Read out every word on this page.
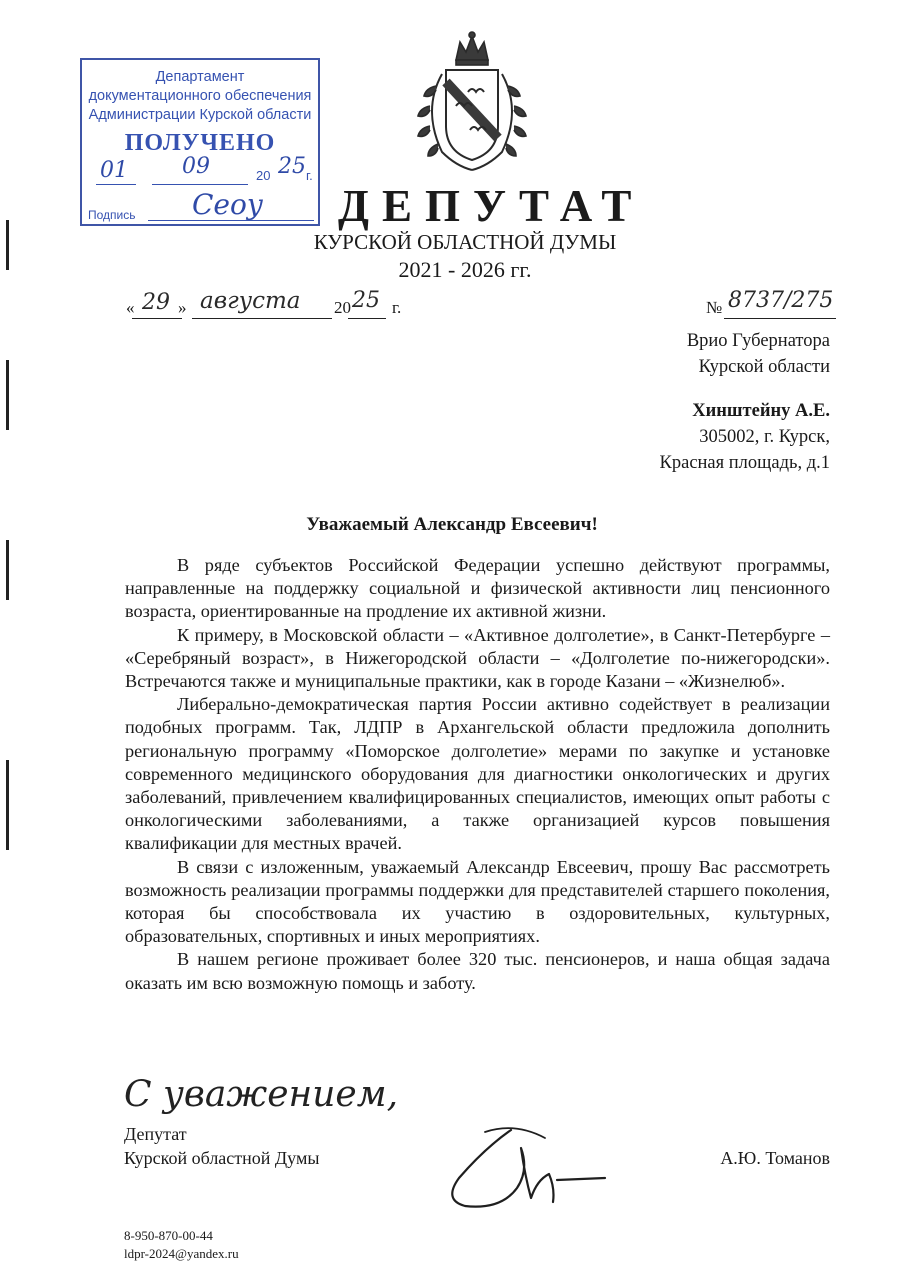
Департамент
документационного обеспечения
Администрации Курской области
ПОЛУЧЕНО
01 09	20 25 г.
Подпись Сеоу ДЕПУТАТ
КУРСКОЙ ОБЛАСТНОЙ ДУМЫ
2021 - 2026 гг.
« 29 » августа 20 25 г.	№ 8737/275
Врио Губернатора
Курской области
Хинштейну А.Е.
305002, г. Курск,
Красная площадь, д.1
Уважаемый Александр Евсеевич!

В ряде субъектов Российской Федерации успешно действуют программы, направленные на поддержку социальной и физической активности лиц пенсионного возраста, ориентированные на продление их активной жизни.

К примеру, в Московской области – «Активное долголетие», в Санкт-Петербурге – «Серебряный возраст», в Нижегородской области – «Долголетие по-нижегородски». Встречаются также и муниципальные практики, как в городе Казани – «Жизнелюб».

Либерально-демократическая партия России активно содействует в реализации подобных программ. Так, ЛДПР в Архангельской области предложила дополнить региональную программу «Поморское долголетие» мерами по закупке и установке современного медицинского оборудования для диагностики онкологических и других заболеваний, привлечением квалифицированных специалистов, имеющих опыт работы с онкологическими заболеваниями, а также организацией курсов повышения квалификации для местных врачей.

В связи с изложенным, уважаемый Александр Евсеевич, прошу Вас рассмотреть возможность реализации программы поддержки для представителей старшего поколения, которая бы способствовала их участию в оздоровительных, культурных, образовательных, спортивных и иных мероприятиях.

В нашем регионе проживает более 320 тыс. пенсионеров, и наша общая задача оказать им всю возможную помощь и заботу.

С уважением,
Депутат
Курской областной Думы	А.Ю. Томанов
8-950-870-00-44
ldpr-2024@yandex.ru
